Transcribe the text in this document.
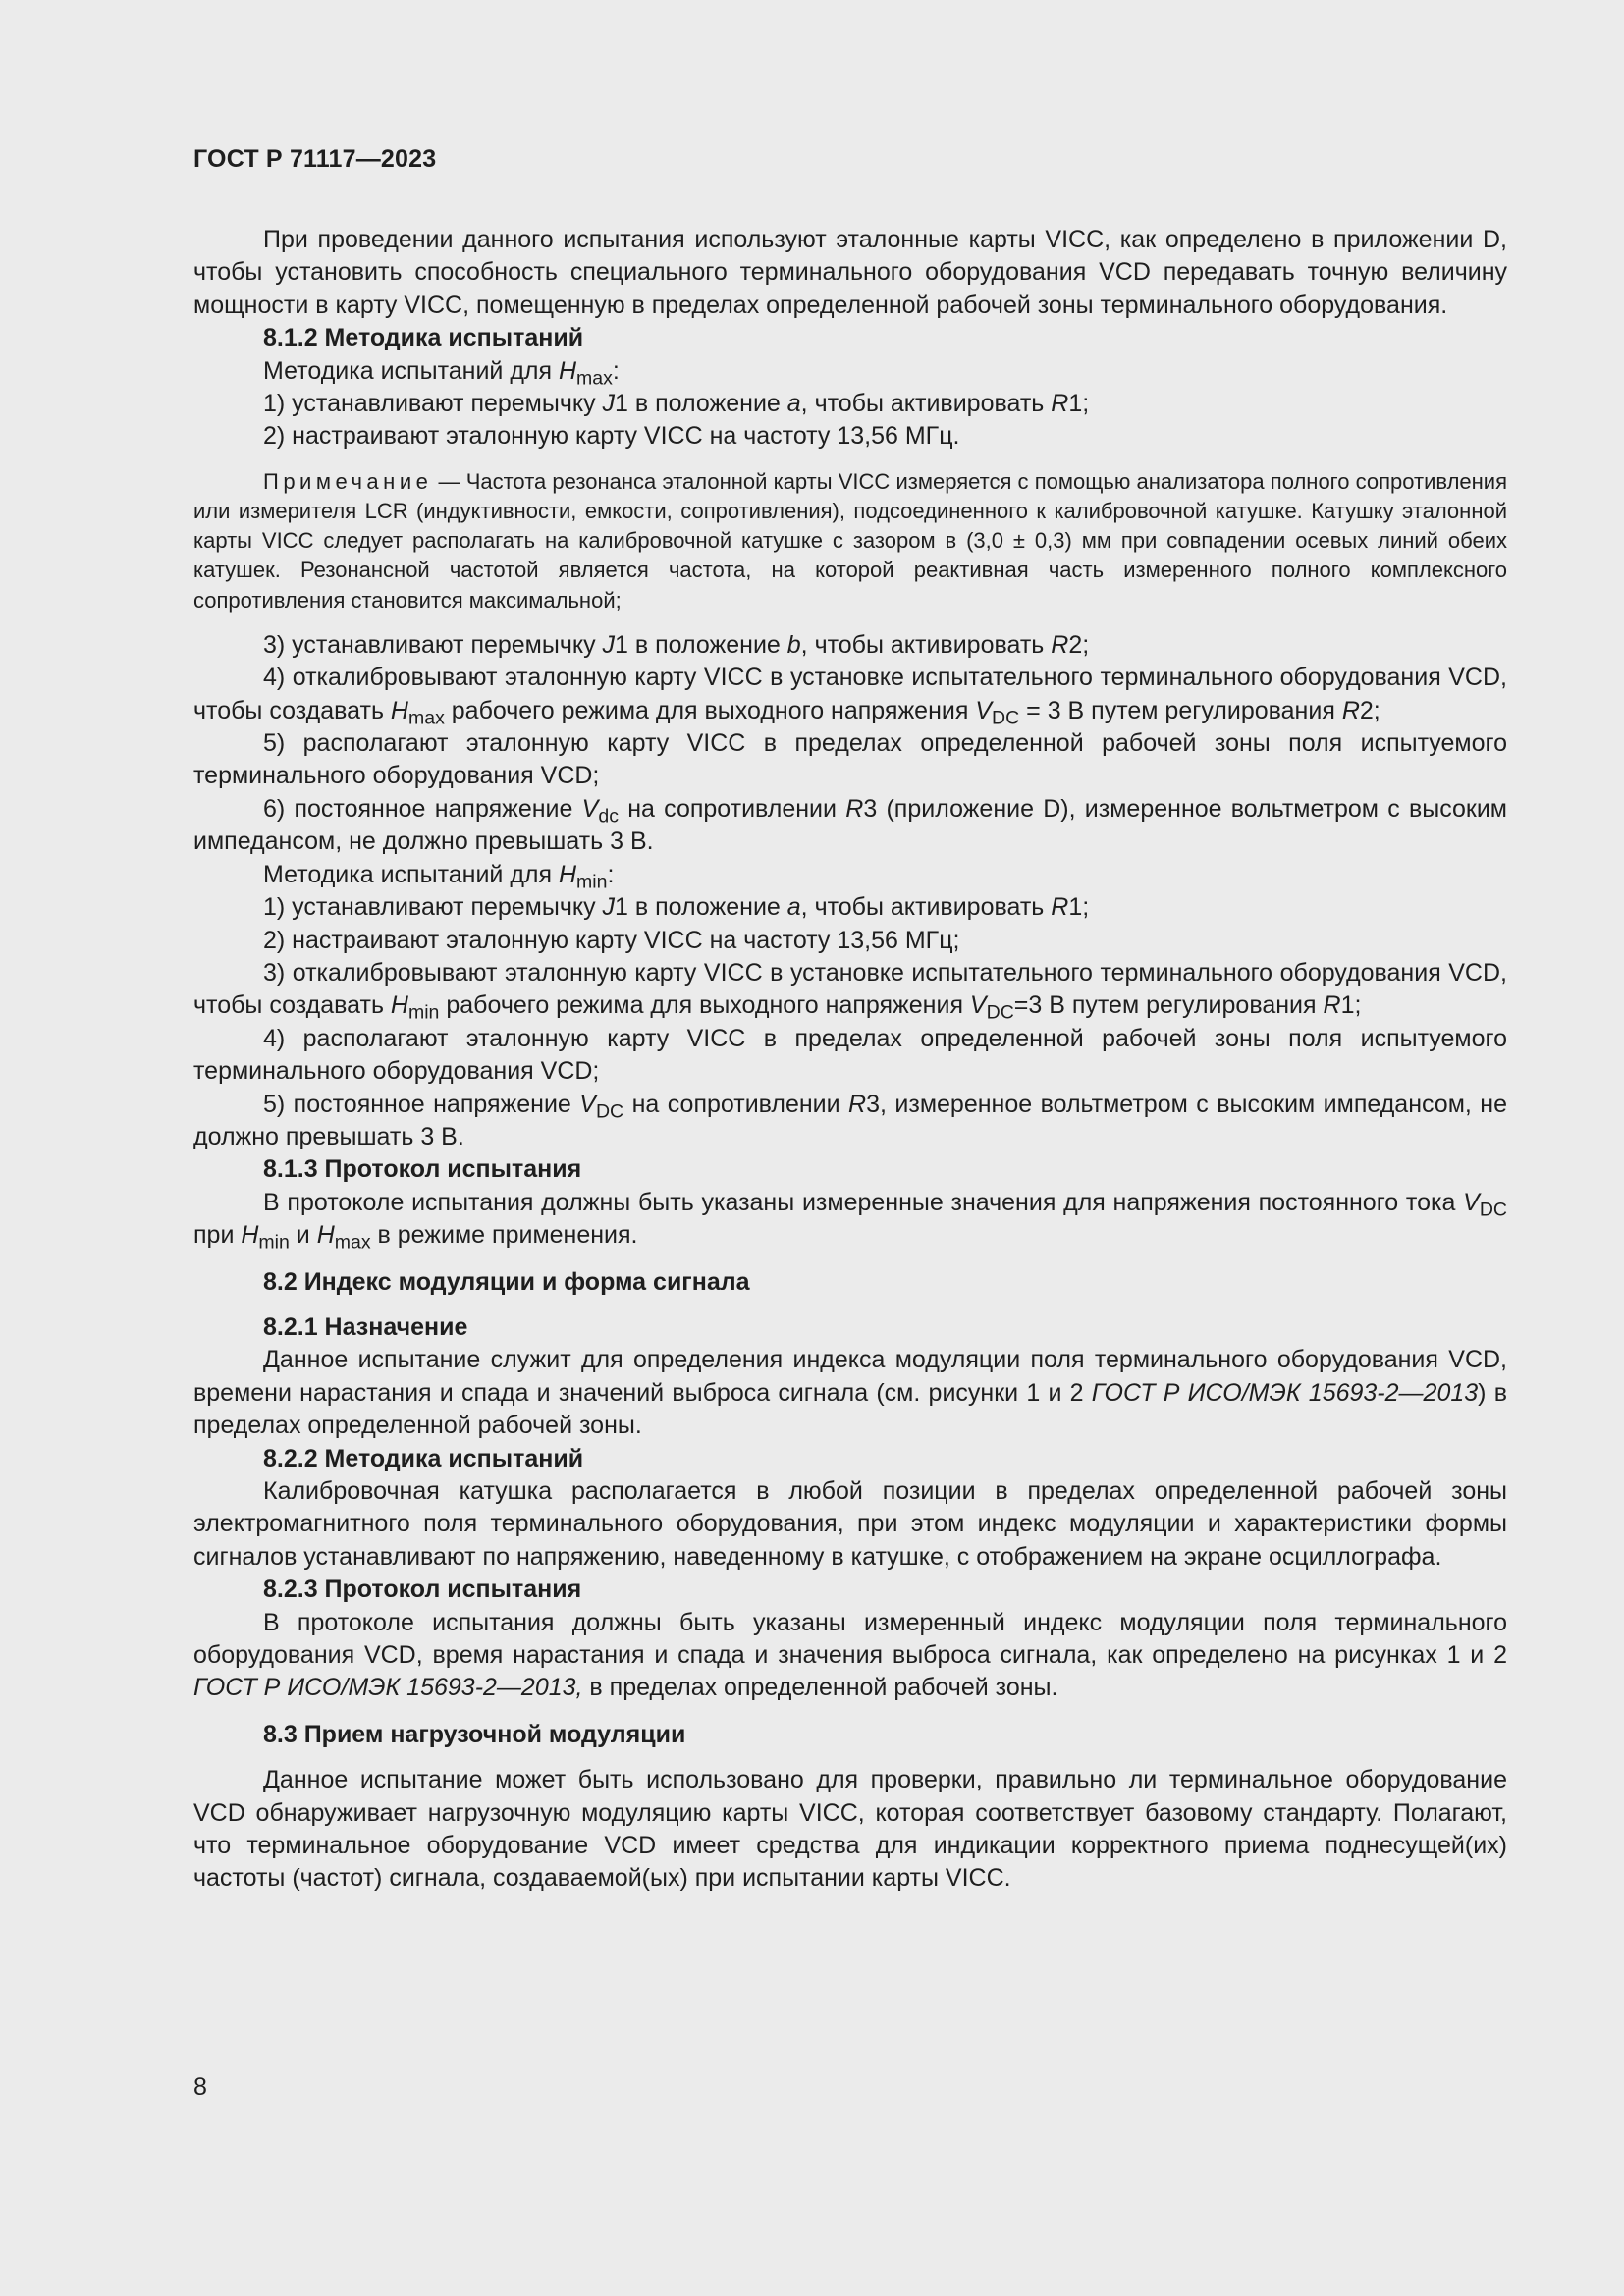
ГОСТ Р 71117—2023

При проведении данного испытания используют эталонные карты VICC, как определено в приложении D, чтобы установить способность специального терминального оборудования VCD передавать точную величину мощности в карту VICC, помещенную в пределах определенной рабочей зоны терминального оборудования.

8.1.2 Методика испытаний

Методика испытаний для $H_{max}$:

1) устанавливают перемычку J1 в положение a, чтобы активировать R1;

2) настраивают эталонную карту VICC на частоту 13,56 МГц.

Примечание — Частота резонанса эталонной карты VICC измеряется с помощью анализатора полного сопротивления или измерителя LCR (индуктивности, емкости, сопротивления), подсоединенного к калибровочной катушке. Катушку эталонной карты VICC следует располагать на калибровочной катушке с зазором в (3,0 ± 0,3) мм при совпадении осевых линий обеих катушек. Резонансной частотой является частота, на которой реактивная часть измеренного полного комплексного сопротивления становится максимальной;

3) устанавливают перемычку J1 в положение b, чтобы активировать R2;

4) откалибровывают эталонную карту VICC в установке испытательного терминального оборудования VCD, чтобы создавать $H_{max}$ рабочего режима для выходного напряжения $V_{DC} = 3$ В путем регулирования R2;

5) располагают эталонную карту VICC в пределах определенной рабочей зоны поля испытуемого терминального оборудования VCD;

6) постоянное напряжение $V_{dc}$ на сопротивлении R3 (приложение D), измеренное вольтметром с высоким импедансом, не должно превышать 3 В.

Методика испытаний для $H_{min}$:

1) устанавливают перемычку J1 в положение a, чтобы активировать R1;

2) настраивают эталонную карту VICC на частоту 13,56 МГц;

3) откалибровывают эталонную карту VICC в установке испытательного терминального оборудования VCD, чтобы создавать $H_{min}$ рабочего режима для выходного напряжения $V_{DC}=3$ В путем регулирования R1;

4) располагают эталонную карту VICC в пределах определенной рабочей зоны поля испытуемого терминального оборудования VCD;

5) постоянное напряжение $V_{DC}$ на сопротивлении R3, измеренное вольтметром с высоким импедансом, не должно превышать 3 В.

8.1.3 Протокол испытания

В протоколе испытания должны быть указаны измеренные значения для напряжения постоянного тока $V_{DC}$ при $H_{min}$ и $H_{max}$ в режиме применения.

8.2 Индекс модуляции и форма сигнала

8.2.1 Назначение

Данное испытание служит для определения индекса модуляции поля терминального оборудования VCD, времени нарастания и спада и значений выброса сигнала (см. рисунки 1 и 2 ГОСТ Р ИСО/МЭК 15693-2—2013) в пределах определенной рабочей зоны.

8.2.2 Методика испытаний

Калибровочная катушка располагается в любой позиции в пределах определенной рабочей зоны электромагнитного поля терминального оборудования, при этом индекс модуляции и характеристики формы сигналов устанавливают по напряжению, наведенному в катушке, с отображением на экране осциллографа.

8.2.3 Протокол испытания

В протоколе испытания должны быть указаны измеренный индекс модуляции поля терминального оборудования VCD, время нарастания и спада и значения выброса сигнала, как определено на рисунках 1 и 2 ГОСТ Р ИСО/МЭК 15693-2—2013, в пределах определенной рабочей зоны.

8.3 Прием нагрузочной модуляции

Данное испытание может быть использовано для проверки, правильно ли терминальное оборудование VCD обнаруживает нагрузочную модуляцию карты VICC, которая соответствует базовому стандарту. Полагают, что терминальное оборудование VCD имеет средства для индикации корректного приема поднесущей(их) частоты (частот) сигнала, создаваемой(ых) при испытании карты VICC.

8
